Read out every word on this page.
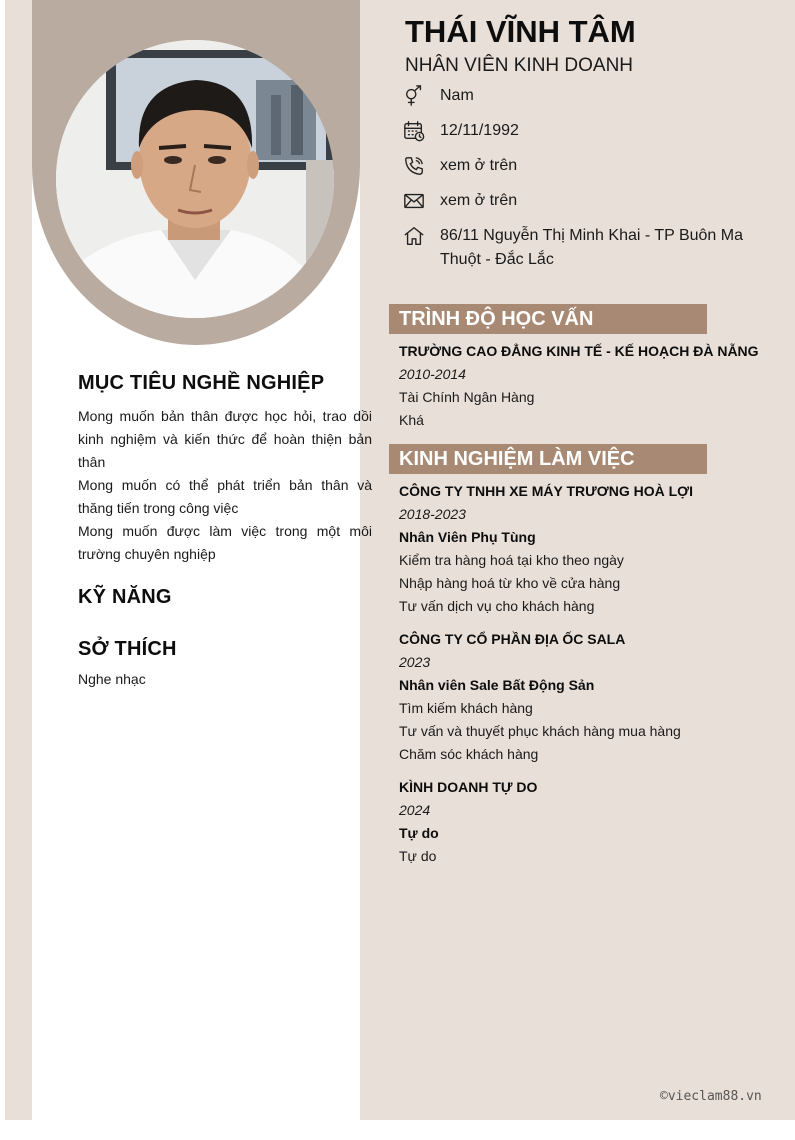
MỤC TIÊU NGHỀ NGHIỆP

Mong muốn bản thân được học hỏi, trao dồi kinh nghiệm và kiến thức để hoàn thiện bản thân

Mong muốn có thể phát triển bản thân và thăng tiến trong công việc

Mong muốn được làm việc trong một môi trường chuyên nghiệp

KỸ NĂNG
SỞ THÍCH
Nghe nhạc
THÁI VĨNH TÂM
NHÂN VIÊN KINH DOANH
Nam
12/11/1992
xem ở trên
xem ở trên
86/11 Nguyễn Thị Minh Khai - TP Buôn Ma Thuột - Đắc Lắc
TRÌNH ĐỘ HỌC VẤN
TRƯỜNG CAO ĐẲNG KINH TẾ - KẾ HOẠCH ĐÀ NẴNG
2010-2014
Tài Chính Ngân Hàng
Khá
KINH NGHIỆM LÀM VIỆC
CÔNG TY TNHH XE MÁY TRƯƠNG HOÀ LỢI
2018-2023
Nhân Viên Phụ Tùng
Kiểm tra hàng hoá tại kho theo ngày
Nhập hàng hoá từ kho về cửa hàng
Tư vấn dịch vụ cho khách hàng
CÔNG TY CỔ PHẦN ĐỊA ỐC SALA
2023
Nhân viên Sale Bất Động Sản
Tìm kiếm khách hàng
Tư vấn và thuyết phục khách hàng mua hàng
Chăm sóc khách hàng
KÌNH DOANH TỰ DO
2024
Tự do
Tự do
©vieclam88.vn
